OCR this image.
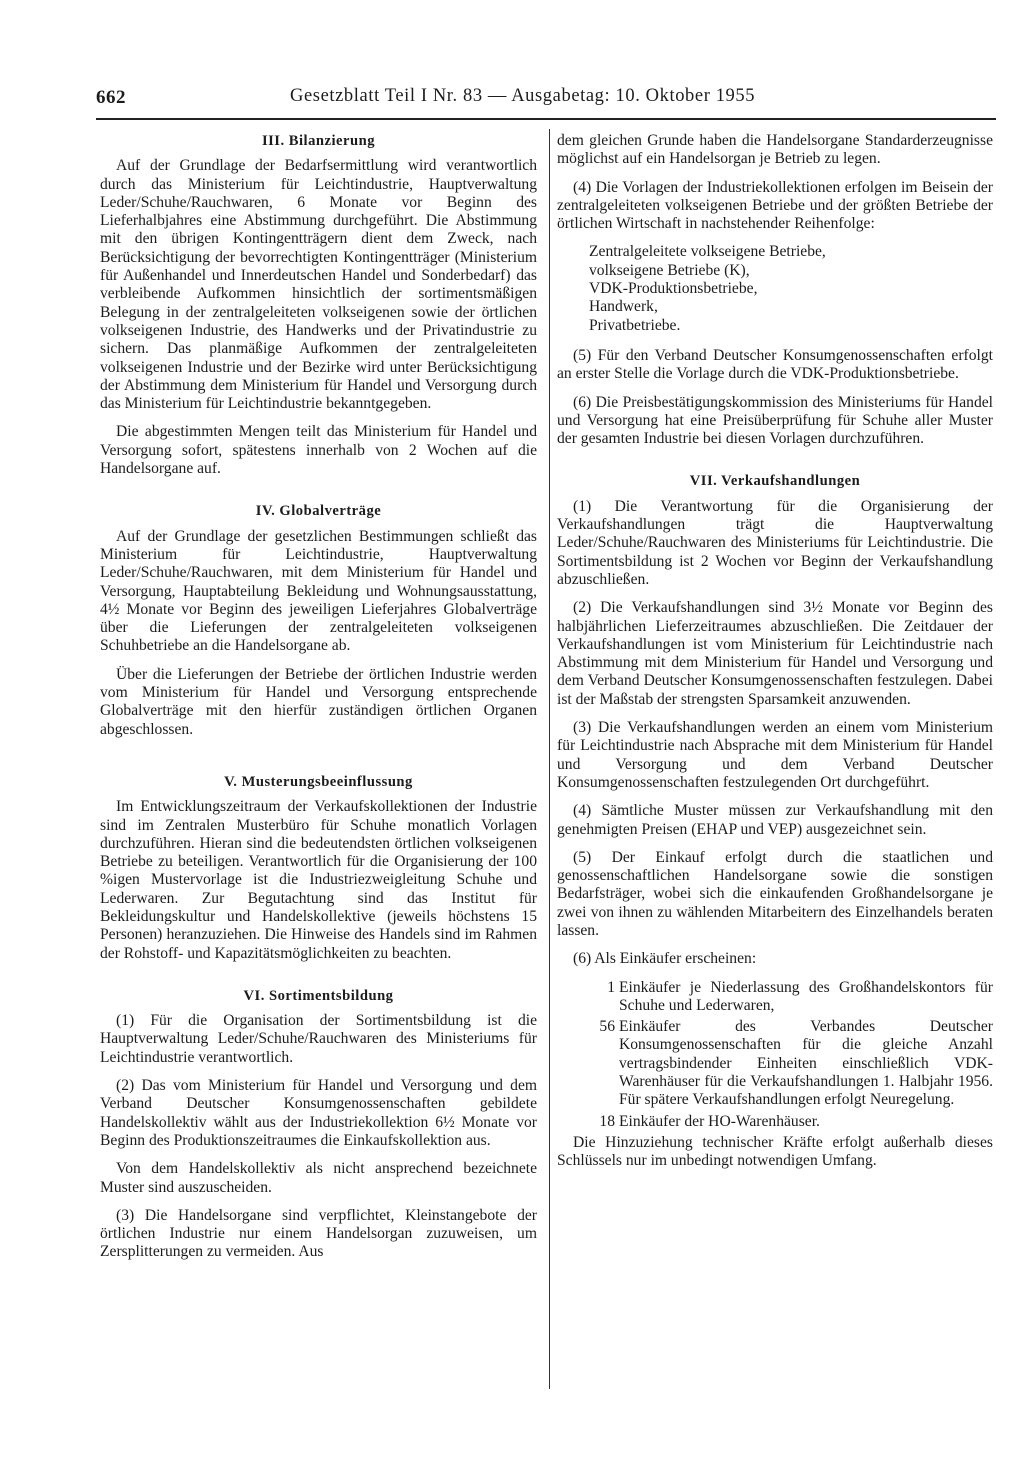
662	Gesetzblatt Teil I Nr. 83 — Ausgabetag: 10. Oktober 1955
III. Bilanzierung

Auf der Grundlage der Bedarfsermittlung wird verantwortlich durch das Ministerium für Leichtindustrie, Hauptverwaltung Leder/Schuhe/Rauchwaren, 6 Monate vor Beginn des Lieferhalbjahres eine Abstimmung durchgeführt. Die Abstimmung mit den übrigen Kontingentträgern dient dem Zweck, nach Berücksichtigung der bevorrechtigten Kontingentträger (Ministerium für Außenhandel und Innerdeutschen Handel und Sonderbedarf) das verbleibende Aufkommen hinsichtlich der sortimentsmäßigen Belegung in der zentralgeleiteten volkseigenen sowie der örtlichen volkseigenen Industrie, des Handwerks und der Privatindustrie zu sichern. Das planmäßige Aufkommen der zentralgeleiteten volkseigenen Industrie und der Bezirke wird unter Berücksichtigung der Abstimmung dem Ministerium für Handel und Versorgung durch das Ministerium für Leichtindustrie bekanntgegeben.

Die abgestimmten Mengen teilt das Ministerium für Handel und Versorgung sofort, spätestens innerhalb von 2 Wochen auf die Handelsorgane auf.

IV. Globalverträge

Auf der Grundlage der gesetzlichen Bestimmungen schließt das Ministerium für Leichtindustrie, Hauptverwaltung Leder/Schuhe/Rauchwaren, mit dem Ministerium für Handel und Versorgung, Hauptabteilung Bekleidung und Wohnungsausstattung, 4½ Monate vor Beginn des jeweiligen Lieferjahres Globalverträge über die Lieferungen der zentralgeleiteten volkseigenen Schuhbetriebe an die Handelsorgane ab.

Über die Lieferungen der Betriebe der örtlichen Industrie werden vom Ministerium für Handel und Versorgung entsprechende Globalverträge mit den hierfür zuständigen örtlichen Organen abgeschlossen.

V. Musterungsbeeinflussung

Im Entwicklungszeitraum der Verkaufskollektionen der Industrie sind im Zentralen Musterbüro für Schuhe monatlich Vorlagen durchzuführen. Hieran sind die bedeutendsten örtlichen volkseigenen Betriebe zu beteiligen. Verantwortlich für die Organisierung der 100 %igen Mustervorlage ist die Industriezweigleitung Schuhe und Lederwaren. Zur Begutachtung sind das Institut für Bekleidungskultur und Handelskollektive (jeweils höchstens 15 Personen) heranzuziehen. Die Hinweise des Handels sind im Rahmen der Rohstoff- und Kapazitätsmöglichkeiten zu beachten.

VI. Sortimentsbildung

(1) Für die Organisation der Sortimentsbildung ist die Hauptverwaltung Leder/Schuhe/Rauchwaren des Ministeriums für Leichtindustrie verantwortlich.

(2) Das vom Ministerium für Handel und Versorgung und dem Verband Deutscher Konsumgenossenschaften gebildete Handelskollektiv wählt aus der Industriekollektion 6½ Monate vor Beginn des Produktionszeitraumes die Einkaufskollektion aus.

Von dem Handelskollektiv als nicht ansprechend bezeichnete Muster sind auszuscheiden.

(3) Die Handelsorgane sind verpflichtet, Kleinstangebote der örtlichen Industrie nur einem Handelsorgan zuzuweisen, um Zersplitterungen zu vermeiden. Aus

dem gleichen Grunde haben die Handelsorgane Standarderzeugnisse möglichst auf ein Handelsorgan je Betrieb zu legen.

(4) Die Vorlagen der Industriekollektionen erfolgen im Beisein der zentralgeleiteten volkseigenen Betriebe und der größten Betriebe der örtlichen Wirtschaft in nachstehender Reihenfolge:

Zentralgeleitete volkseigene Betriebe,
volkseigene Betriebe (K),
VDK-Produktionsbetriebe,
Handwerk,
Privatbetriebe.

(5) Für den Verband Deutscher Konsumgenossenschaften erfolgt an erster Stelle die Vorlage durch die VDK-Produktionsbetriebe.

(6) Die Preisbestätigungskommission des Ministeriums für Handel und Versorgung hat eine Preisüberprüfung für Schuhe aller Muster der gesamten Industrie bei diesen Vorlagen durchzuführen.

VII. Verkaufshandlungen

(1) Die Verantwortung für die Organisierung der Verkaufshandlungen trägt die Hauptverwaltung Leder/Schuhe/Rauchwaren des Ministeriums für Leichtindustrie. Die Sortimentsbildung ist 2 Wochen vor Beginn der Verkaufshandlung abzuschließen.

(2) Die Verkaufshandlungen sind 3½ Monate vor Beginn des halbjährlichen Lieferzeitraumes abzuschließen. Die Zeitdauer der Verkaufshandlungen ist vom Ministerium für Leichtindustrie nach Abstimmung mit dem Ministerium für Handel und Versorgung und dem Verband Deutscher Konsumgenossenschaften festzulegen. Dabei ist der Maßstab der strengsten Sparsamkeit anzuwenden.

(3) Die Verkaufshandlungen werden an einem vom Ministerium für Leichtindustrie nach Absprache mit dem Ministerium für Handel und Versorgung und dem Verband Deutscher Konsumgenossenschaften festzulegenden Ort durchgeführt.

(4) Sämtliche Muster müssen zur Verkaufshandlung mit den genehmigten Preisen (EHAP und VEP) ausgezeichnet sein.

(5) Der Einkauf erfolgt durch die staatlichen und genossenschaftlichen Handelsorgane sowie die sonstigen Bedarfsträger, wobei sich die einkaufenden Großhandelsorgane je zwei von ihnen zu wählenden Mitarbeitern des Einzelhandels beraten lassen.

(6) Als Einkäufer erscheinen:

1 Einkäufer je Niederlassung des Großhandelskontors für Schuhe und Lederwaren,
56 Einkäufer des Verbandes Deutscher Konsumgenossenschaften für die gleiche Anzahl vertragsbindender Einheiten einschließlich VDK-Warenhäuser für die Verkaufshandlungen 1. Halbjahr 1956. Für spätere Verkaufshandlungen erfolgt Neuregelung.
18 Einkäufer der HO-Warenhäuser.

Die Hinzuziehung technischer Kräfte erfolgt außerhalb dieses Schlüssels nur im unbedingt notwendigen Umfang.
